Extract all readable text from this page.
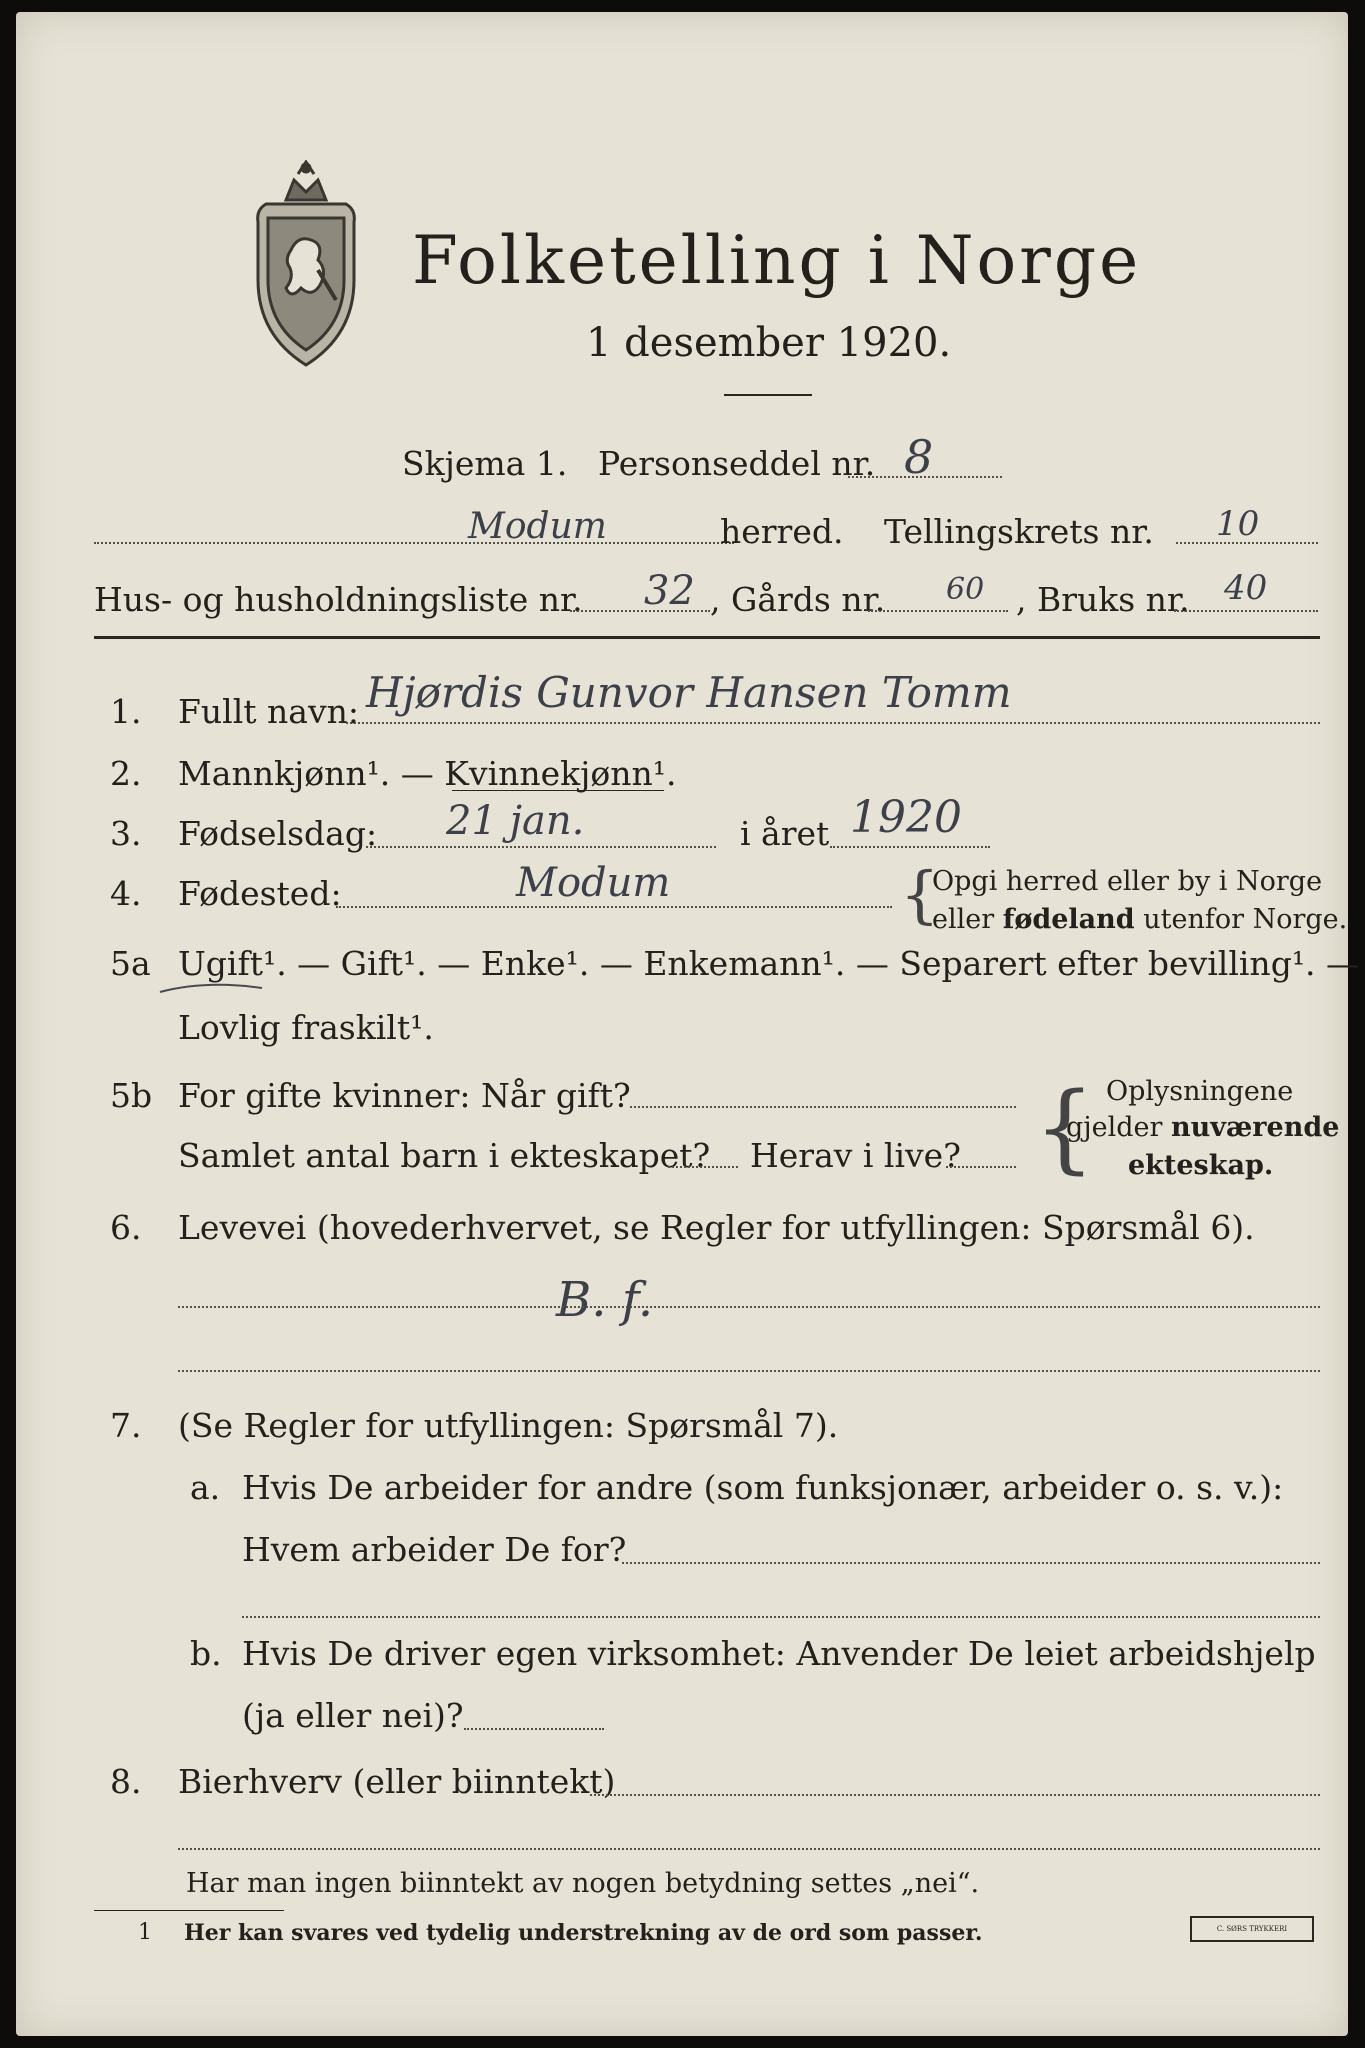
Folketelling i Norge
1 desember 1920.
Skjema 1. Personseddel nr. 8
Modum	herred. Tellingskrets nr. 10
Hus- og husholdningsliste nr. 32 , Gårds nr. 60 , Bruks nr. 40
1. Fullt navn: Hjørdis Gunvor Hansen Tomm
2. Mannkjønn¹. — Kvinnekjønn¹.
3. Fødselsdag: 21 jan.	i året 1920
4. Fødested:	Modum	{
Opgi herred eller by i Norge
eller fødeland utenfor Norge.
5a Ugift¹. — Gift¹. — Enke¹. — Enkemann¹. — Separert efter bevilling¹. —
Lovlig fraskilt¹.
5b For gifte kvinner: Når gift?
Samlet antal barn i ekteskapet? Herav i live? { Oplysningene
gjelder nuværende
ekteskap.
6. Levevei (hovederhvervet, se Regler for utfyllingen: Spørsmål 6).
B. f.
7. (Se Regler for utfyllingen: Spørsmål 7).
a. Hvis De arbeider for andre (som funksjonær, arbeider o. s. v.):
Hvem arbeider De for?
b. Hvis De driver egen virksomhet: Anvender De leiet arbeidshjelp
(ja eller nei)?
8. Bierhverv (eller biinntekt)
Har man ingen biinntekt av nogen betydning settes „nei“.
1 Her kan svares ved tydelig understrekning av de ord som passer.	C. SØRS TRYKKERI
